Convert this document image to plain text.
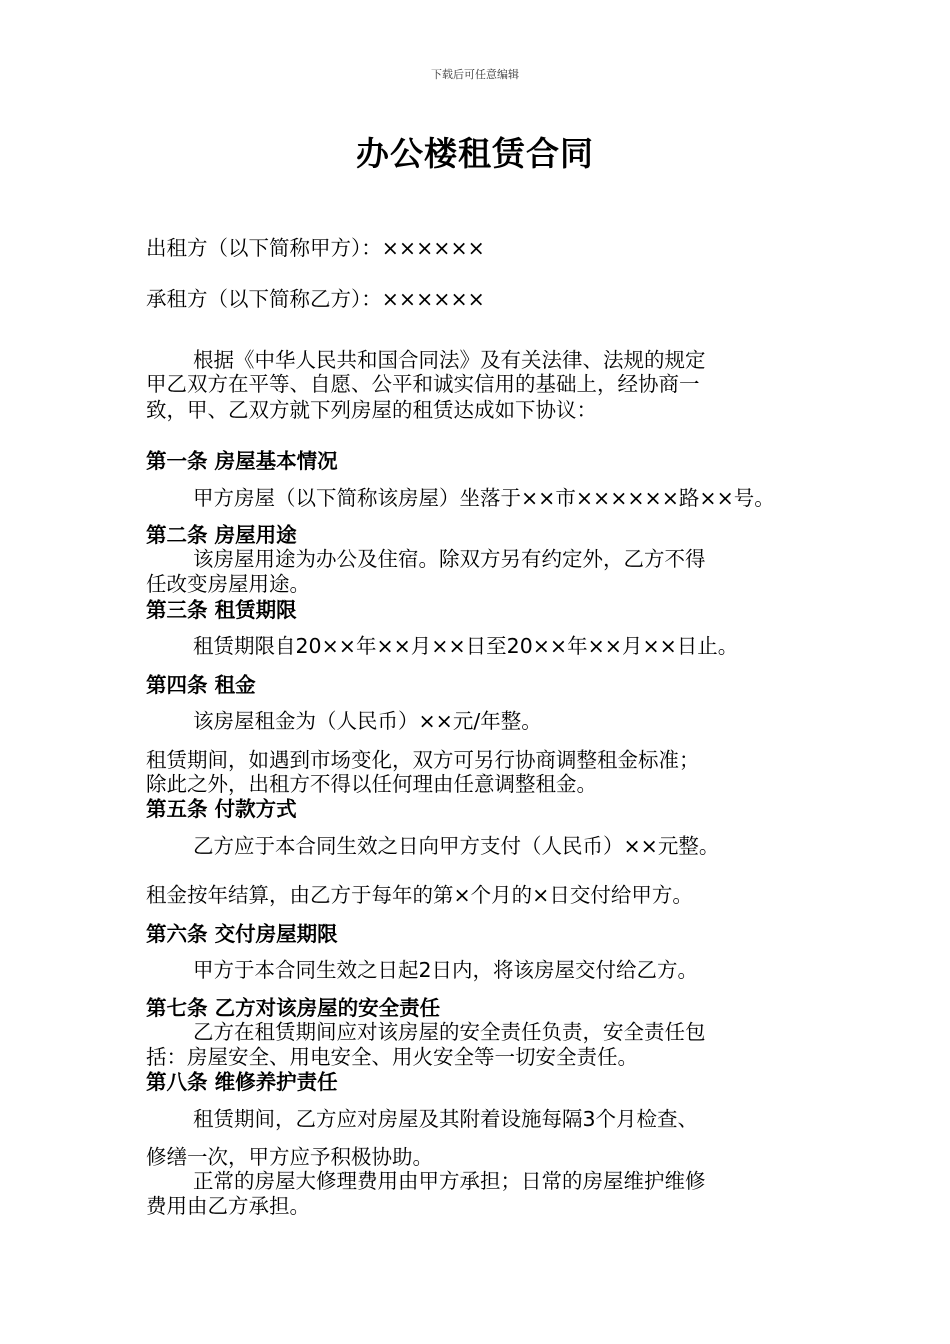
下载后可任意编辑

办公楼租赁合同

出租方（以下简称甲方）：××××××

承租方（以下简称乙方）：××××××

根据《中华人民共和国合同法》及有关法律、法规的规定

甲乙双方在平等、自愿、公平和诚实信用的基础上，经协商一

致，甲、乙双方就下列房屋的租赁达成如下协议：

第一条 房屋基本情况

甲方房屋（以下简称该房屋）坐落于××市××××××路××号。

第二条 房屋用途

该房屋用途为办公及住宿。除双方另有约定外，乙方不得

任改变房屋用途。

第三条 租赁期限

租赁期限自20××年××月××日至20××年××月××日止。

第四条 租金

该房屋租金为（人民币）××元/年整。

租赁期间，如遇到市场变化，双方可另行协商调整租金标准；

除此之外，出租方不得以任何理由任意调整租金。

第五条 付款方式

乙方应于本合同生效之日向甲方支付（人民币）××元整。

租金按年结算，由乙方于每年的第×个月的×日交付给甲方。

第六条 交付房屋期限

甲方于本合同生效之日起2日内，将该房屋交付给乙方。

第七条 乙方对该房屋的安全责任

乙方在租赁期间应对该房屋的安全责任负责，安全责任包

括：房屋安全、用电安全、用火安全等一切安全责任。

第八条 维修养护责任

租赁期间，乙方应对房屋及其附着设施每隔3个月检查、

修缮一次，甲方应予积极协助。

正常的房屋大修理费用由甲方承担；日常的房屋维护维修

费用由乙方承担。
